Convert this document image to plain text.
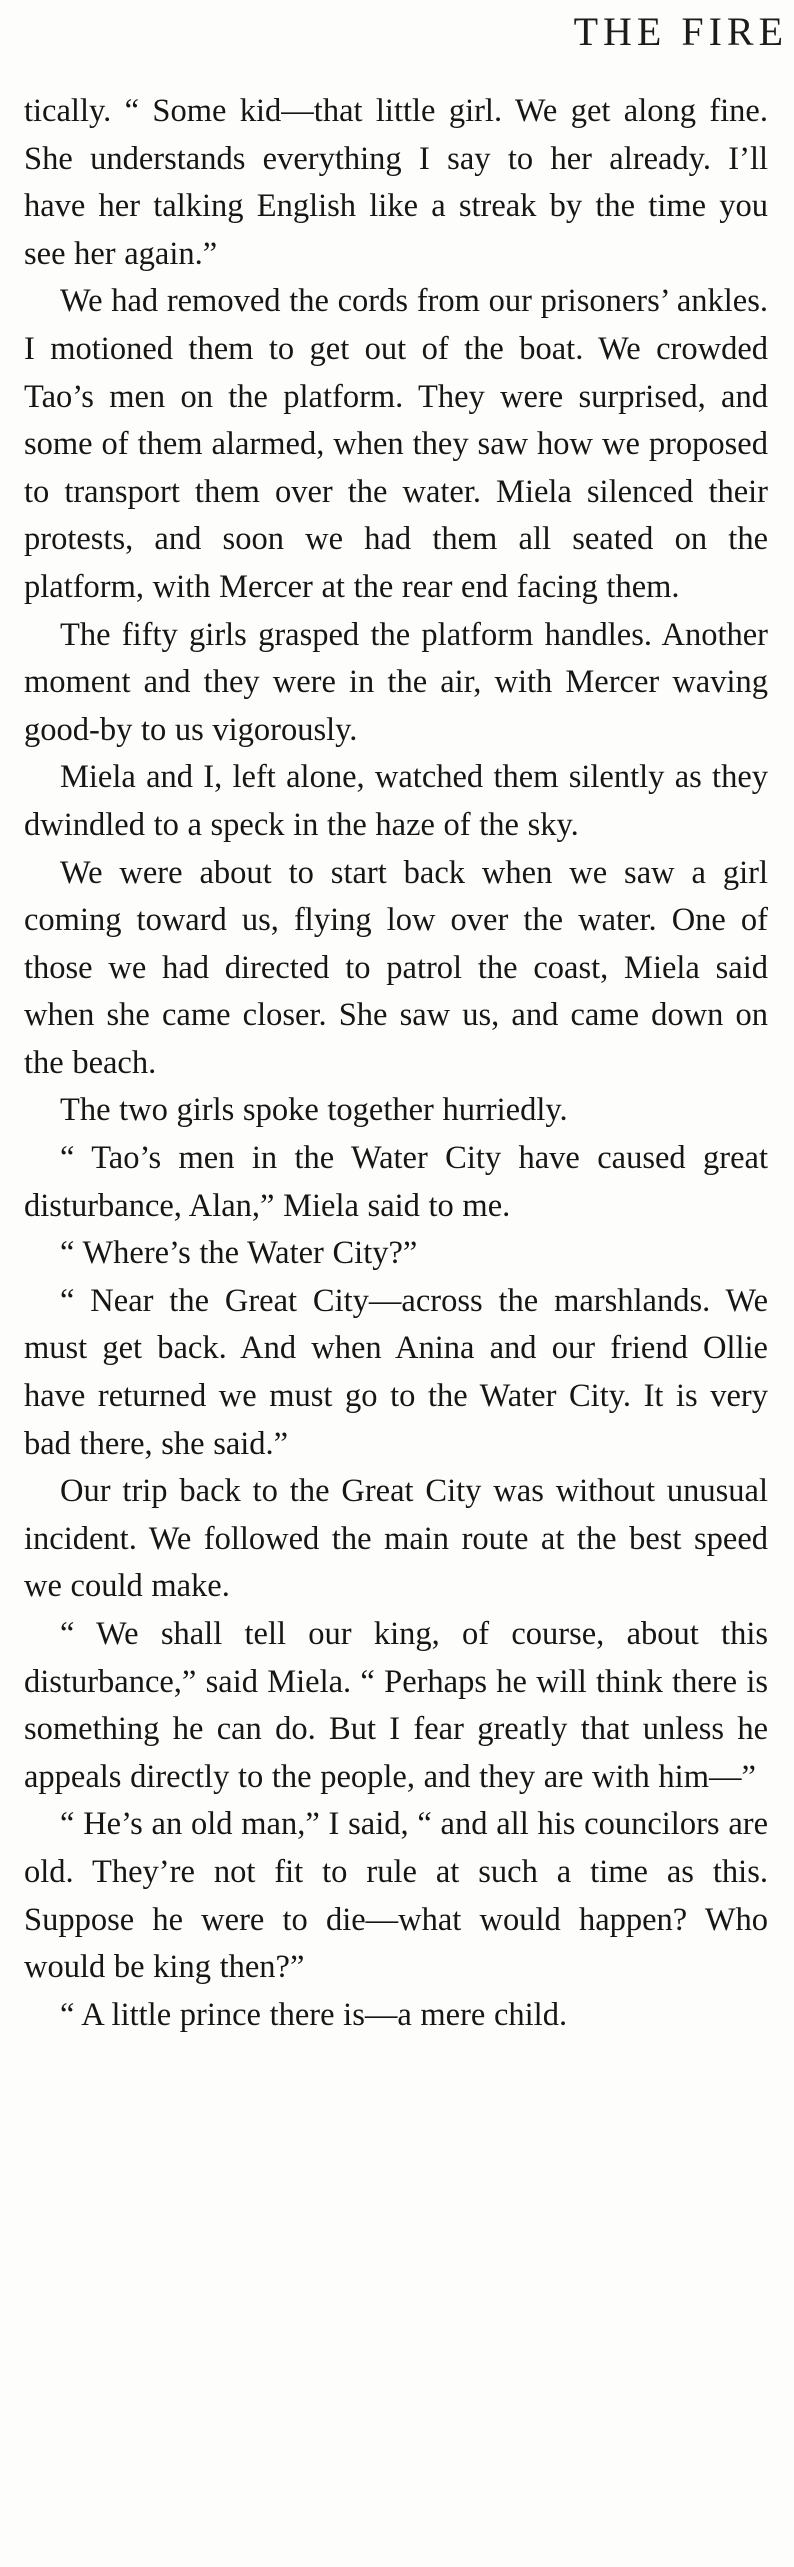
THE FIRE

tically. “ Some kid—that little girl. We get along fine. She understands everything I say to her already. I’ll have her talking English like a streak by the time you see her again.”

We had removed the cords from our prisoners’ ankles. I motioned them to get out of the boat. We crowded Tao’s men on the platform. They were surprised, and some of them alarmed, when they saw how we proposed to transport them over the water. Miela silenced their protests, and soon we had them all seated on the platform, with Mercer at the rear end facing them.

The fifty girls grasped the platform handles. Another moment and they were in the air, with Mercer waving good-by to us vigorously.

Miela and I, left alone, watched them silently as they dwindled to a speck in the haze of the sky.

We were about to start back when we saw a girl coming toward us, flying low over the water. One of those we had directed to patrol the coast, Miela said when she came closer. She saw us, and came down on the beach.

The two girls spoke together hurriedly.

“ Tao’s men in the Water City have caused great disturbance, Alan,” Miela said to me.

“ Where’s the Water City?”

“ Near the Great City—across the marshlands. We must get back. And when Anina and our friend Ollie have returned we must go to the Water City. It is very bad there, she said.”

Our trip back to the Great City was without unusual incident. We followed the main route at the best speed we could make.

“ We shall tell our king, of course, about this disturbance,” said Miela. “ Perhaps he will think there is something he can do. But I fear greatly that unless he appeals directly to the people, and they are with him—”

“ He’s an old man,” I said, “ and all his councilors are old. They’re not fit to rule at such a time as this. Suppose he were to die—what would happen? Who would be king then?”

“ A little prince there is—a mere child.
